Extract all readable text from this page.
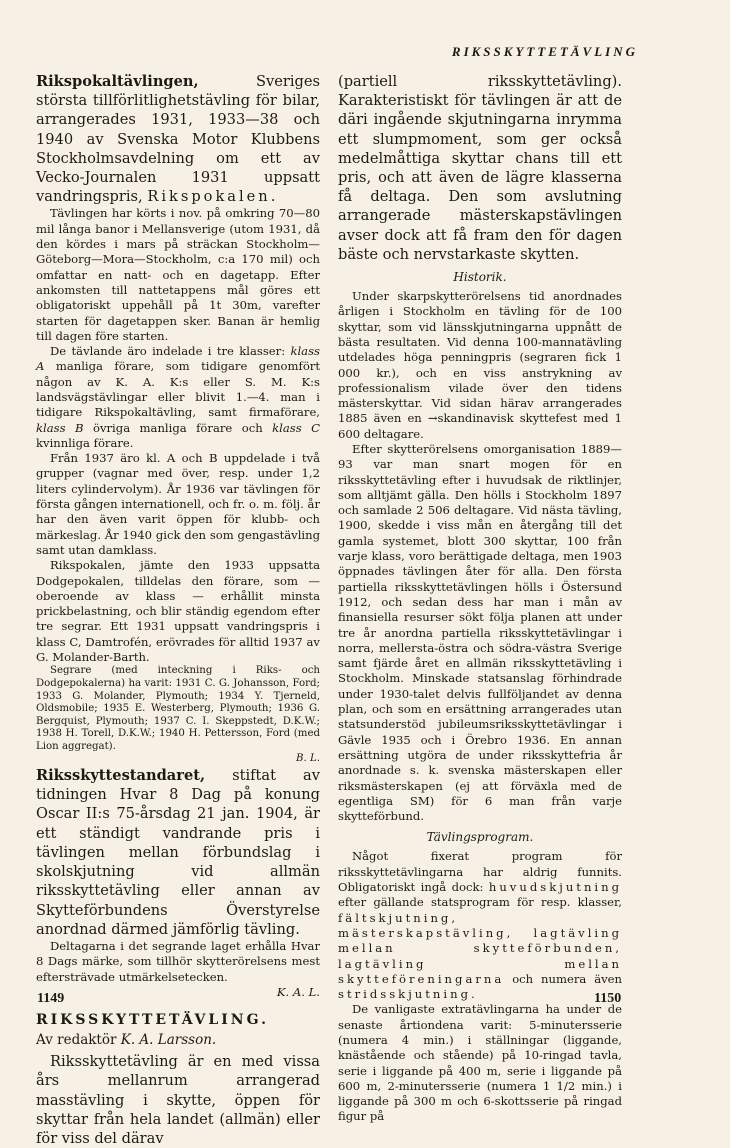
RIKSSKYTTETÄVLING

Rikspokaltävlingen, Sveriges största tillförlitlighetstävling för bilar, arrangerades 1931, 1933—38 och 1940 av Svenska Motor Klubbens Stockholmsavdelning om ett av Vecko-Journalen 1931 uppsatt vandringspris, Rikspokalen.

Tävlingen har körts i nov. på omkring 70—80 mil långa banor i Mellansverige (utom 1931, då den kördes i mars på sträckan Stockholm—Göteborg—Mora—Stockholm, c:a 170 mil) och omfattar en natt- och en dagetapp. Efter ankomsten till nattetappens mål göres ett obligatoriskt uppehåll på 1t 30m, varefter starten för dagetappen sker. Banan är hemlig till dagen före starten.

De tävlande äro indelade i tre klasser: klass A manliga förare, som tidigare genomfört någon av K. A. K:s eller S. M. K:s landsvägstävlingar eller blivit 1.—4. man i tidigare Rikspokaltävling, samt firmaförare, klass B övriga manliga förare och klass C kvinnliga förare.

Från 1937 äro kl. A och B uppdelade i två grupper (vagnar med över, resp. under 1,2 liters cylindervolym). År 1936 var tävlingen för första gången internationell, och fr. o. m. följ. år har den även varit öppen för klubb- och märkeslag. År 1940 gick den som gengastävling samt utan damklass.

Rikspokalen, jämte den 1933 uppsatta Dodgepokalen, tilldelas den förare, som — oberoende av klass — erhållit minsta prickbelastning, och blir ständig egendom efter tre segrar. Ett 1931 uppsatt vandringspris i klass C, Damtrofén, erövrades för alltid 1937 av G. Molander-Barth.

Segrare (med inteckning i Riks- och Dodgepokalerna) ha varit: 1931 C. G. Johansson, Ford; 1933 G. Molander, Plymouth; 1934 Y. Tjerneld, Oldsmobile; 1935 E. Westerberg, Plymouth; 1936 G. Bergquist, Plymouth; 1937 C. I. Skeppstedt, D.K.W.; 1938 H. Torell, D.K.W.; 1940 H. Pettersson, Ford (med Lion aggregat).
B. L.

Riksskyttestandaret, stiftat av tidningen Hvar 8 Dag på konung Oscar II:s 75-årsdag 21 jan. 1904, är ett ständigt vandrande pris i tävlingen mellan förbundslag i skolskjutning vid allmän riksskyttetävling eller annan av Skytteförbundens Överstyrelse anordnad därmed jämförlig tävling.

Deltagarna i det segrande laget erhålla Hvar 8 Dags märke, som tillhör skytterörelsens mest eftersträvade utmärkelsetecken.
K. A. L.

RIKSSKYTTETÄVLING.
Av redaktör K. A. Larsson.

Riksskyttetävling är en med vissa års mellanrum arrangerad masstävling i skytte, öppen för skyttar från hela landet (allmän) eller för viss del därav

(partiell riksskyttetävling). Karakteristiskt för tävlingen är att de däri ingående skjutningarna inrymma ett slumpmoment, som ger också medelmåttiga skyttar chans till ett pris, och att även de lägre klasserna få deltaga. Den som avslutning arrangerade mästerskapstävlingen avser dock att få fram den för dagen bäste och nervstarkaste skytten.

Historik.

Under skarpskytterörelsens tid anordnades årligen i Stockholm en tävling för de 100 skyttar, som vid länsskjutningarna uppnått de bästa resultaten. Vid denna 100-mannatävling utdelades höga penningpris (segraren fick 1 000 kr.), och en viss anstrykning av professionalism vilade över den tidens mästerskyttar. Vid sidan härav arrangerades 1885 även en →skandinavisk skyttefest med 1 600 deltagare.

Efter skytterörelsens omorganisation 1889—93 var man snart mogen för en riksskyttetävling efter i huvudsak de riktlinjer, som alltjämt gälla. Den hölls i Stockholm 1897 och samlade 2 506 deltagare. Vid nästa tävling, 1900, skedde i viss mån en återgång till det gamla systemet, blott 300 skyttar, 100 från varje klass, voro berättigade deltaga, men 1903 öppnades tävlingen åter för alla. Den första partiella riksskyttetävlingen hölls i Östersund 1912, och sedan dess har man i mån av finansiella resurser sökt följa planen att under tre år anordna partiella riksskyttetävlingar i norra, mellersta-östra och södra-västra Sverige samt fjärde året en allmän riksskyttetävling i Stockholm. Minskade statsanslag förhindrade under 1930-talet delvis fullföljandet av denna plan, och som en ersättning arrangerades utan statsunderstöd jubileumsriksskyttetävlingar i Gävle 1935 och i Örebro 1936. En annan ersättning utgöra de under riksskyttefria år anordnade s. k. svenska mästerskapen eller riksmästerskapen (ej att förväxla med de egentliga SM) för 6 man från varje skytteförbund.

Tävlingsprogram.

Något fixerat program för riksskyttetävlingarna har aldrig funnits. Obligatoriskt ingå dock: huvudskjutning efter gällande statsprogram för resp. klasser, fältskjutning, mästerskapstävling, lagtävling mellan skytteförbunden, lagtävling mellan skytteföreningarna och numera även stridsskjutning.

De vanligaste extratävlingarna ha under de senaste årtiondena varit: 5-minutersserie (numera 4 min.) i ställningar (liggande, knästående och stående) på 10-ringad tavla, serie i liggande på 400 m, serie i liggande på 600 m, 2-minutersserie (numera 1 1/2 min.) i liggande på 300 m och 6-skottsserie på ringad figur på

1149	1150
